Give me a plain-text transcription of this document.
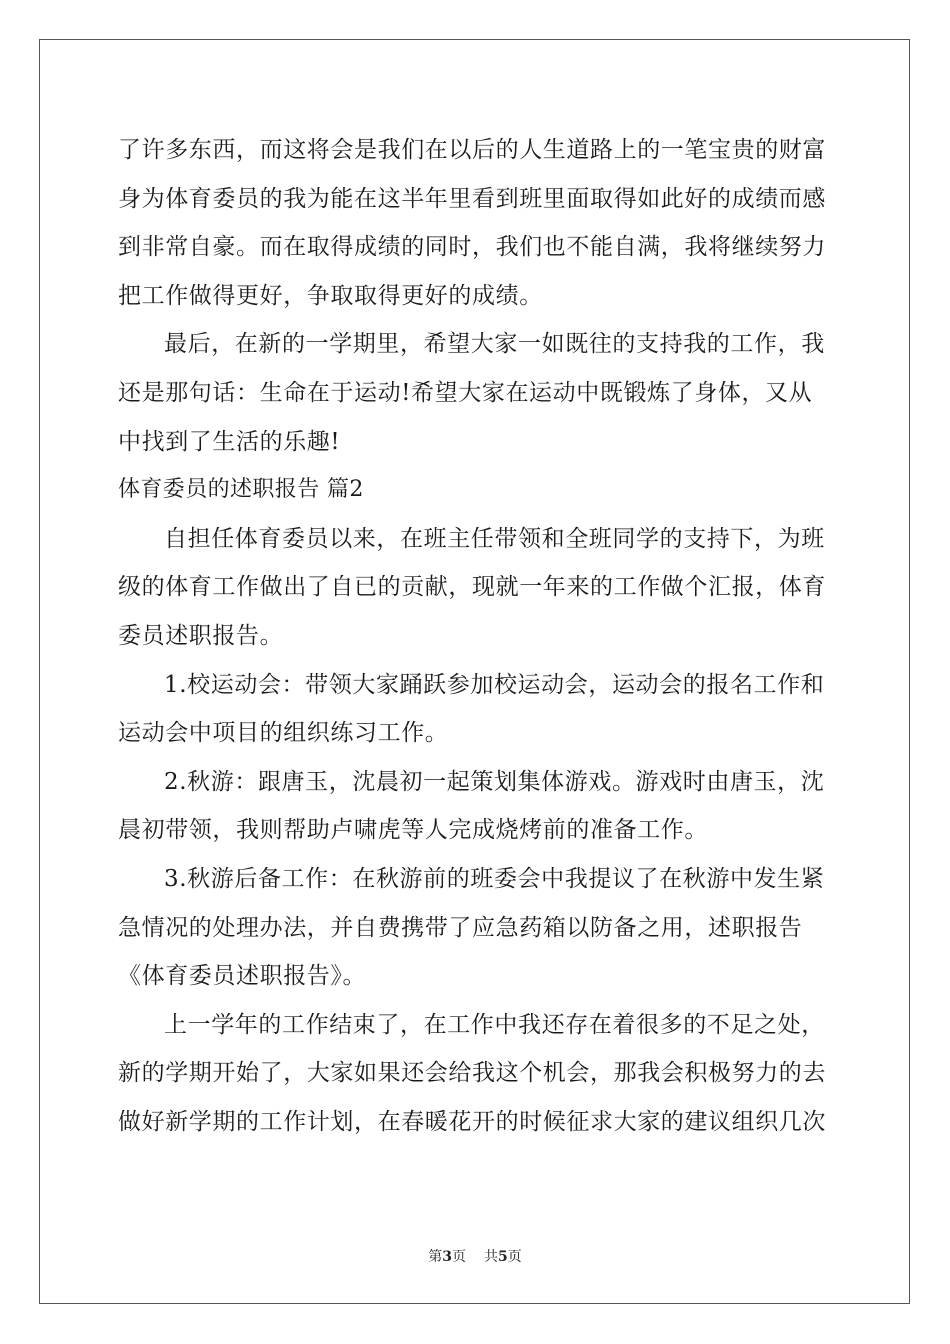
了许多东西，而这将会是我们在以后的人生道路上的一笔宝贵的财富
身为体育委员的我为能在这半年里看到班里面取得如此好的成绩而感
到非常自豪。而在取得成绩的同时，我们也不能自满，我将继续努力
把工作做得更好，争取取得更好的成绩。
最后，在新的一学期里，希望大家一如既往的支持我的工作，我
还是那句话：生命在于运动!希望大家在运动中既锻炼了身体，又从
中找到了生活的乐趣!
体育委员的述职报告 篇2
自担任体育委员以来，在班主任带领和全班同学的支持下，为班
级的体育工作做出了自已的贡献，现就一年来的工作做个汇报，体育
委员述职报告。
1.校运动会：带领大家踊跃参加校运动会，运动会的报名工作和
运动会中项目的组织练习工作。
2.秋游：跟唐玉，沈晨初一起策划集体游戏。游戏时由唐玉，沈
晨初带领，我则帮助卢啸虎等人完成烧烤前的准备工作。
3.秋游后备工作：在秋游前的班委会中我提议了在秋游中发生紧
急情况的处理办法，并自费携带了应急药箱以防备之用，述职报告
《体育委员述职报告》。
上一学年的工作结束了，在工作中我还存在着很多的不足之处，
新的学期开始了，大家如果还会给我这个机会，那我会积极努力的去
做好新学期的工作计划，在春暖花开的时候征求大家的建议组织几次
第3页 共5页
